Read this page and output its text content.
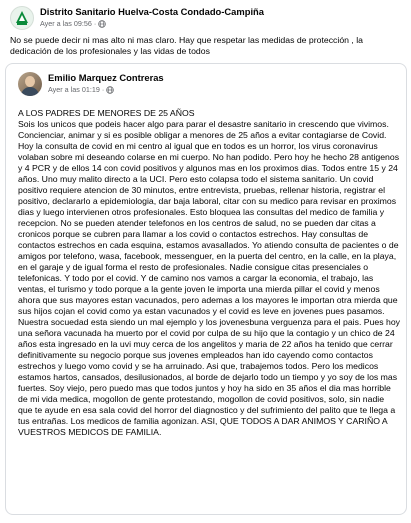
Distrito Sanitario Huelva-Costa Condado-Campiña
Ayer a las 09:56 ·
No se puede decir ni mas alto ni mas claro. Hay que respetar las medidas de protección , la dedicación de los profesionales y las vidas de todos
Emilio Marquez Contreras
Ayer a las 01:19 ·

A LOS PADRES DE MENORES DE 25 AÑOS

Sois los unicos que podeis hacer algo para parar el desastre sanitario in crescendo que vivimos. Concienciar, animar y si es posible obligar a menores de 25 años a evitar contagiarse de Covid. Hoy la consulta de covid en mi centro al igual que en todos es un horror, los virus coronavirus volaban sobre mi deseando colarse en mi cuerpo. No han podido. Pero hoy he hecho 28 antigenos y 4 PCR y de ellos 14 con covid positivos y algunos mas en los proximos dias. Todos entre 15 y 24 años. Uno muy malito directo a la UCI. Pero esto colapsa todo el sistema sanitario. Un covid positivo requiere atencion de 30 minutos, entre entrevista, pruebas, rellenar historia, registrar el positivo, declararlo a epidemiologia, dar baja laboral, citar con su medico para revisar en proximos dias y luego intervienen otros profesionales. Esto bloquea las consultas del medico de familia y recepcion. No se pueden atender telefonos en los centros de salud, no se pueden dar citas a cronicos porque se cubren para llamar a los covid o contactos estrechos. Hay consultas de contactos estrechos en cada esquina, estamos avasallados. Yo atiendo consulta de pacientes o de amigos por telefono, wasa, facebook, messenguer, en la puerta del centro, en la calle, en la playa, en el garaje y de igual forma el resto de profesionales. Nadie consigue citas presenciales o telefonicas. Y todo por el covid. Y de camino nos vamos a cargar la economia, el trabajo, las ventas, el turismo y todo porque a la gente joven le importa una mierda pillar el covid y menos ahora que sus mayores estan vacunados, pero ademas a los mayores le importan otra mierda que sus hijos cojan el covid como ya estan vacunados y el covid es leve en jovenes pues pasamos. Nuestra socuedad esta siendo un mal ejemplo y los jovenesbuna verguenza para el pais. Pues hoy una señora vacunada ha muerto por el covid por culpa de su hijo que la contagio y un chico de 24 años esta ingresado en la uvi muy cerca de los angelitos y maria de 22 años ha tenido que cerrar definitivamente su negocio porque sus jovenes empleados han ido cayendo como contactos estrechos y luego vomo covid y se ha arruinado. Asi que, trabajemos todos. Pero los medicos estamos hartos, cansados, desilusionados, al borde de dejarlo todo un tiempo y yo soy de los mas fuertes. Soy viejo, pero puedo mas que todos juntos y hoy ha sido en 35 años el dia mas horrible de mi vida medica, mogollon de gente protestando, mogollon de covid positivos, solo, sin nadie que te ayude en esa sala covid del horror del diagnostico y del sufrimiento del palito que te llega a tus entrañas. Los medicos de familia agonizan. ASI, QUE TODOS A DAR ANIMOS Y CARIÑO A VUESTROS MEDICOS DE FAMILIA.
